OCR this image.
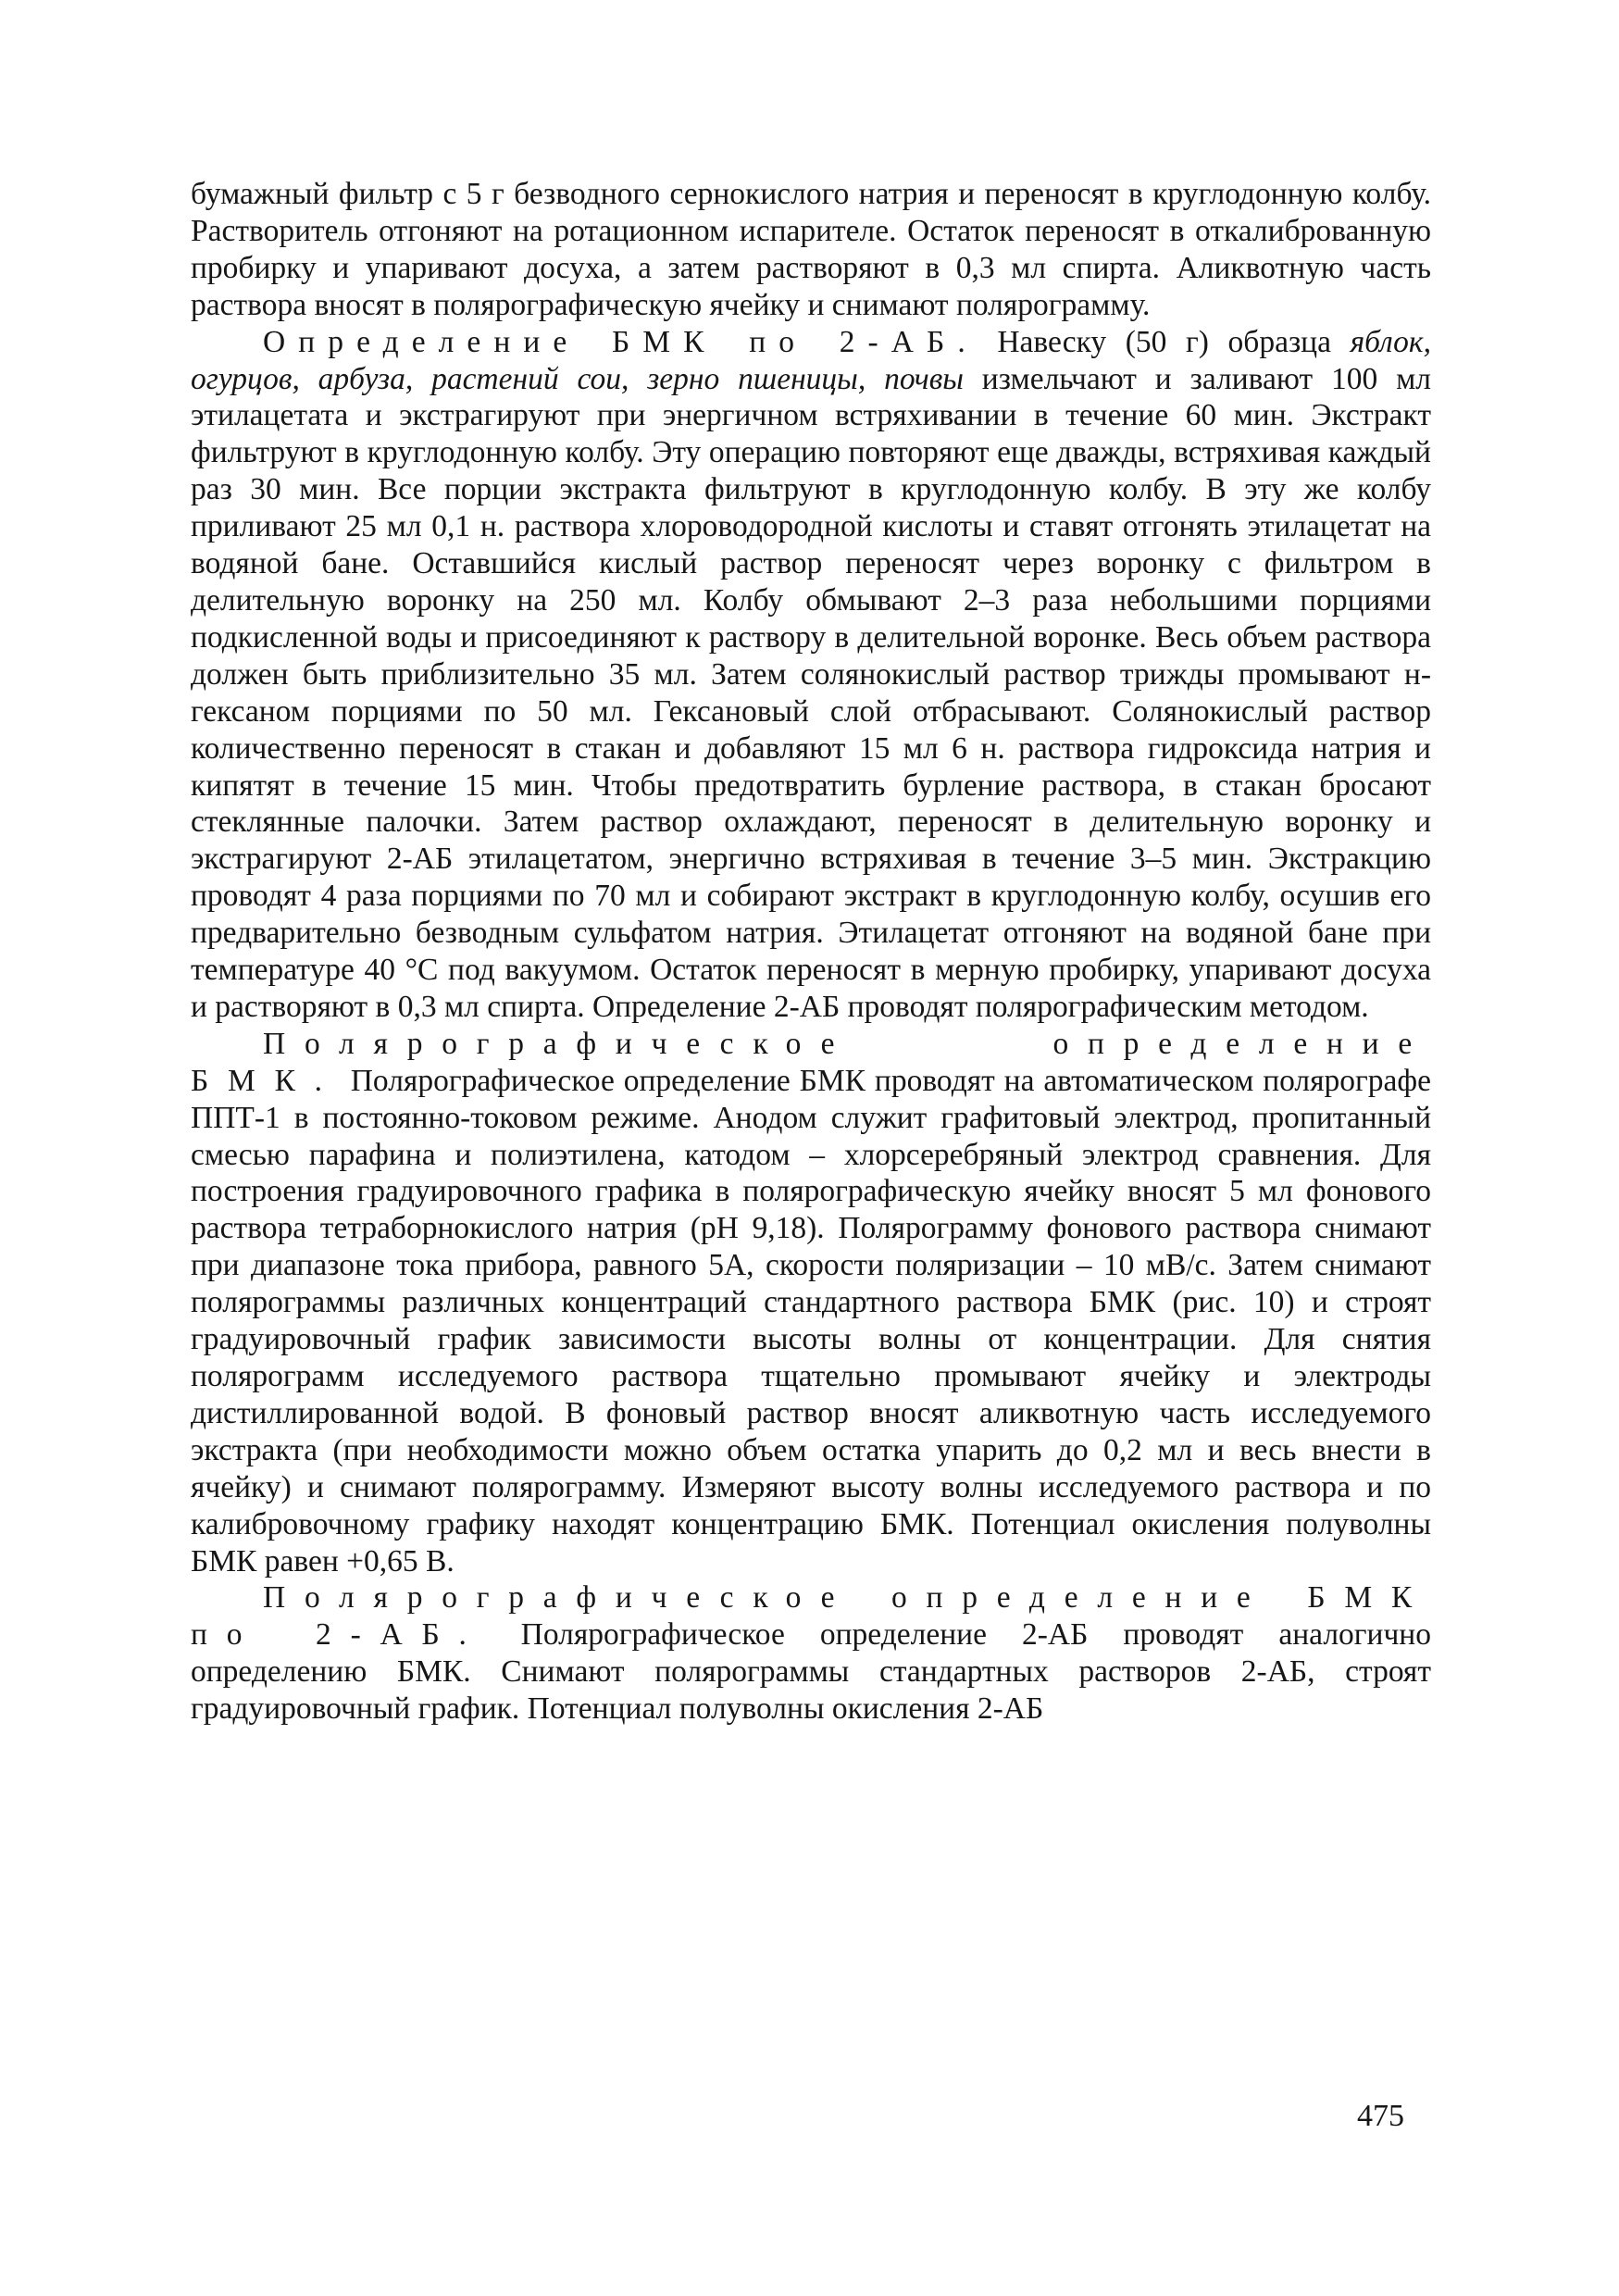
бумажный фильтр с 5 г безводного сернокислого натрия и переносят в круглодонную колбу. Растворитель отгоняют на ротационном испарителе. Остаток переносят в откалиброванную пробирку и упаривают досуха, а затем растворяют в 0,3 мл спирта. Аликвотную часть раствора вносят в полярографическую ячейку и снимают полярограмму.

Определение БМК по 2-АБ. Навеску (50 г) образца яблок, огурцов, арбуза, растений сои, зерно пшеницы, почвы измельчают и заливают 100 мл этилацетата и экстрагируют при энергичном встряхивании в течение 60 мин. Экстракт фильтруют в круглодонную колбу. Эту операцию повторяют еще дважды, встряхивая каждый раз 30 мин. Все порции экстракта фильтруют в круглодонную колбу. В эту же колбу приливают 25 мл 0,1 н. раствора хлороводородной кислоты и ставят отгонять этилацетат на водяной бане. Оставшийся кислый раствор переносят через воронку с фильтром в делительную воронку на 250 мл. Колбу обмывают 2–3 раза небольшими порциями подкисленной воды и присоединяют к раствору в делительной воронке. Весь объем раствора должен быть приблизительно 35 мл. Затем солянокислый раствор трижды промывают н-гексаном порциями по 50 мл. Гексановый слой отбрасывают. Солянокислый раствор количественно переносят в стакан и добавляют 15 мл 6 н. раствора гидроксида натрия и кипятят в течение 15 мин. Чтобы предотвратить бурление раствора, в стакан бросают стеклянные палочки. Затем раствор охлаждают, переносят в делительную воронку и экстрагируют 2-АБ этилацетатом, энергично встряхивая в течение 3–5 мин. Экстракцию проводят 4 раза порциями по 70 мл и собирают экстракт в круглодонную колбу, осушив его предварительно безводным сульфатом натрия. Этилацетат отгоняют на водяной бане при температуре 40 °С под вакуумом. Остаток переносят в мерную пробирку, упаривают досуха и растворяют в 0,3 мл спирта. Определение 2-АБ проводят полярографическим методом.

Полярографическое определение БМК. Полярографическое определение БМК проводят на автоматическом полярографе ППТ-1 в постоянно-токовом режиме. Анодом служит графитовый электрод, пропитанный смесью парафина и полиэтилена, катодом – хлорсеребряный электрод сравнения. Для построения градуировочного графика в полярографическую ячейку вносят 5 мл фонового раствора тетраборнокислого натрия (pH 9,18). Полярограмму фонового раствора снимают при диапазоне тока прибора, равного 5А, скорости поляризации – 10 мВ/с. Затем снимают полярограммы различных концентраций стандартного раствора БМК (рис. 10) и строят градуировочный график зависимости высоты волны от концентрации. Для снятия полярограмм исследуемого раствора тщательно промывают ячейку и электроды дистиллированной водой. В фоновый раствор вносят аликвотную часть исследуемого экстракта (при необходимости можно объем остатка упарить до 0,2 мл и весь внести в ячейку) и снимают полярограмму. Измеряют высоту волны исследуемого раствора и по калибровочному графику находят концентрацию БМК. Потенциал окисления полуволны БМК равен +0,65 В.

Полярографическое определение БМК по 2-АБ. Полярографическое определение 2-АБ проводят аналогично определению БМК. Снимают полярограммы стандартных растворов 2-АБ, строят градуировочный график. Потенциал полуволны окисления 2-АБ

475
